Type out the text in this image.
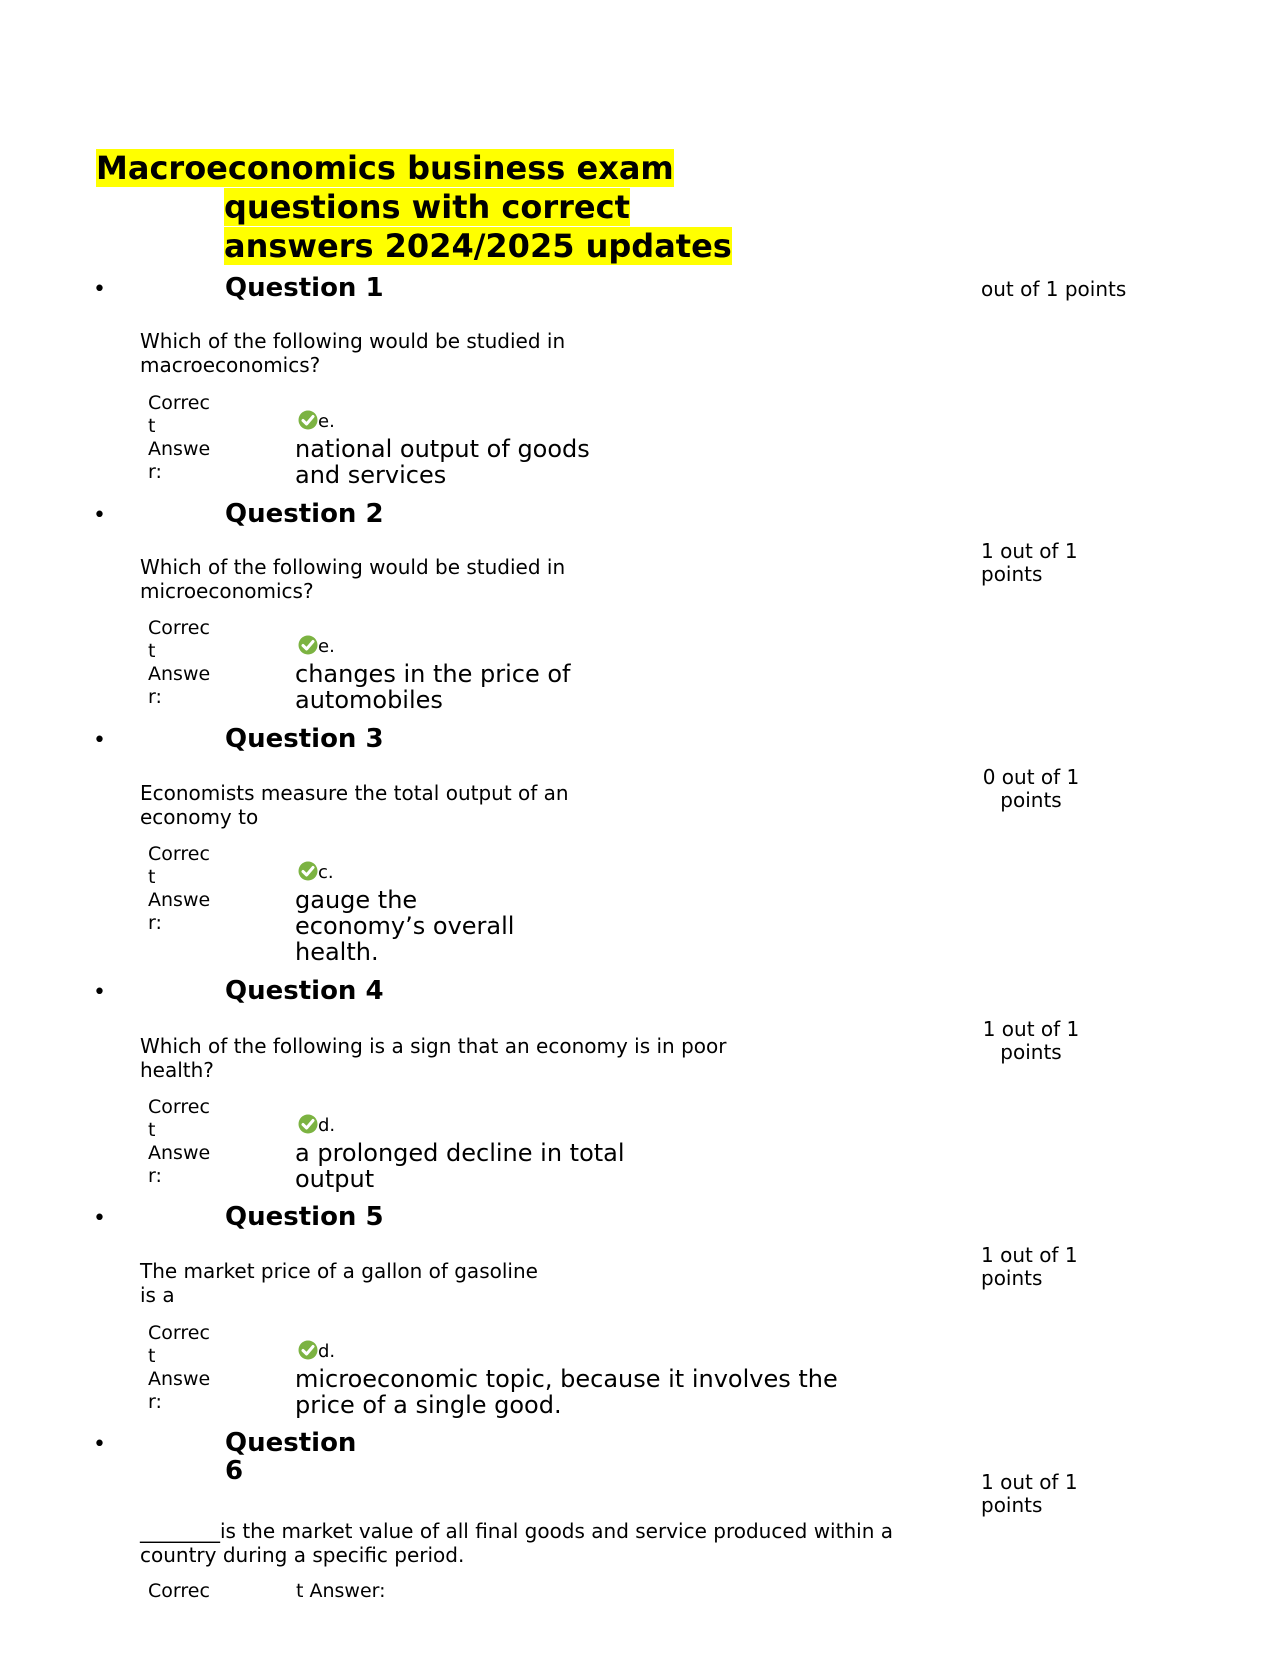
Macroeconomics business exam
questions with correct
answers 2024/2025 updates
•	Question 1	out of 1 points
Which of the following would be studied in
macroeconomics?
Correc
t
Answe
r:
e.
national output of goods
and services
•	Question 2
1 out of 1
points
Which of the following would be studied in
microeconomics?
Correc
t
Answe
r:
e.
changes in the price of
automobiles
•	Question 3
0 out of 1
points
Economists measure the total output of an
economy to
Correc
t
Answe
r:
c.
gauge the
economy’s overall
health.
•	Question 4
1 out of 1
points
Which of the following is a sign that an economy is in poor
health?
Correc
t
Answe
r:
d.
a prolonged decline in total
output
•	Question 5
1 out of 1
points
The market price of a gallon of gasoline
is a
Correc
t
Answe
r:
d.
microeconomic topic, because it involves the
price of a single good.
•	Question
6	1 out of 1
points
________is the market value of all final goods and service produced within a
country during a specific period.
Correc	t Answer:
